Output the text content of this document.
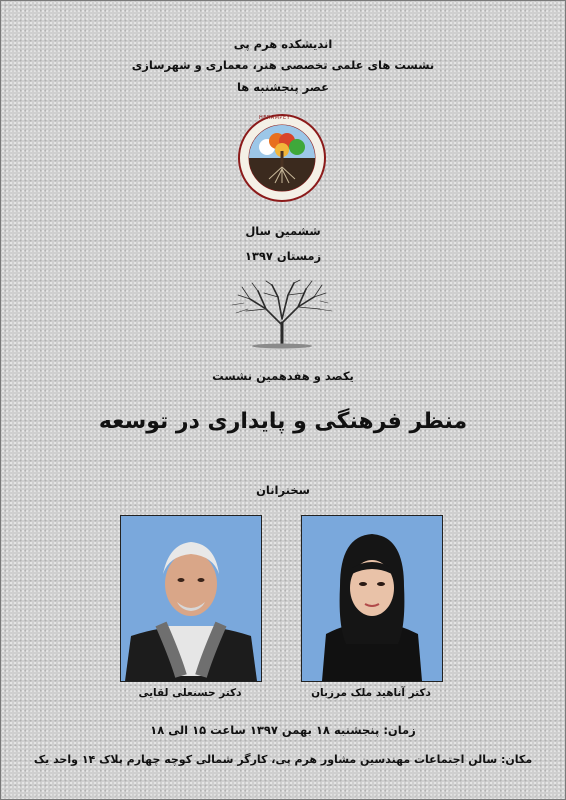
اندیشکده هرم پی
نشست های علمی تخصصی هنر، معماری و شهرسازی
عصر پنجشنبه ها
HERAMPEY
ششمین سال
زمستان ۱۳۹۷
یکصد و هفدهمین نشست
منظر فرهنگی و پایداری در توسعه
سخنرانان
دکتر آناهید ملک مرزبان
دکتر حسنعلی لقایی
زمان: پنجشنبه ۱۸ بهمن ۱۳۹۷ ساعت ۱۵ الی ۱۸
مکان: سالن اجتماعات مهندسین مشاور هرم پی، کارگر شمالی کوچه چهارم پلاک ۱۴ واحد یک
